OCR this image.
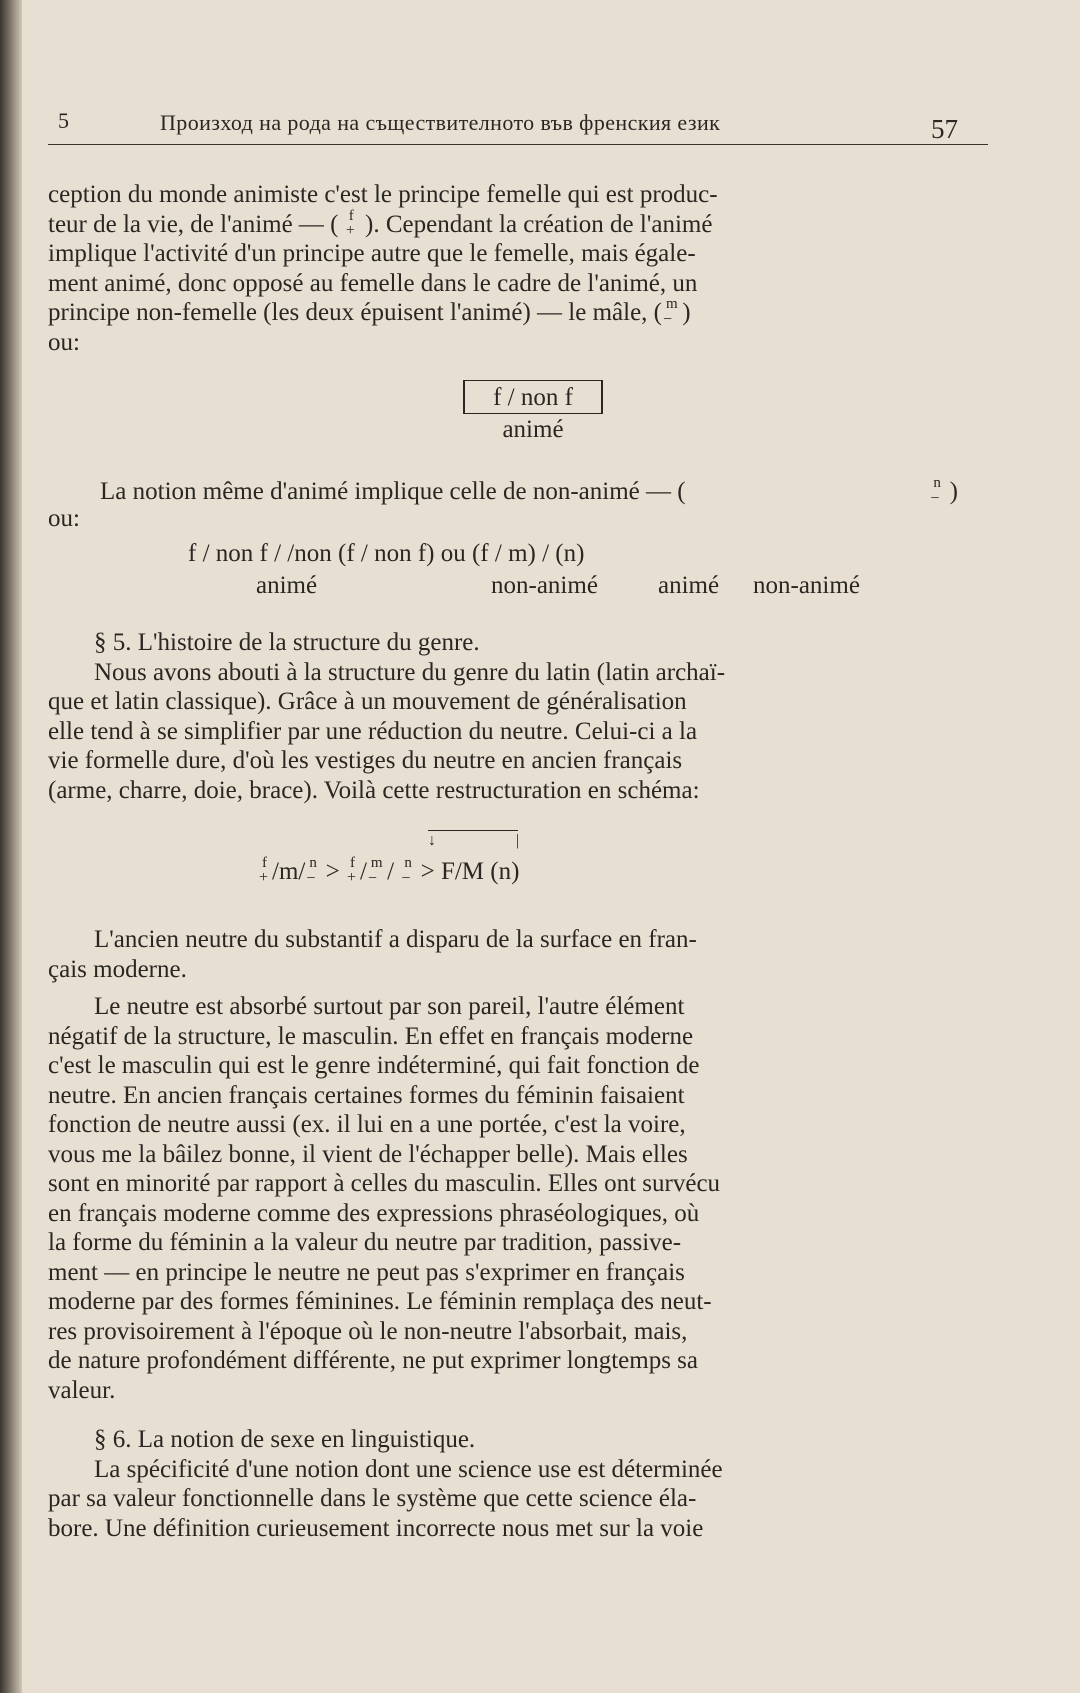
5	Произход на рода на съществителното във френския език	57

ception du monde animiste c'est le principe femelle qui est produc-

teur de la vie, de l'animé — ( f
+ ). Cependant la création de l'animé

implique l'activité d'un principe autre que le femelle, mais égale-

ment animé, donc opposé au femelle dans le cadre de l'animé, un

principe non-femelle (les deux épuisent l'animé) — le mâle, ( m
− )

ou:

f / non f
animé
La notion même d'animé implique celle de non-animé — (	n
− )
ou:
f / non f / /non (f / non f) ou (f / m) / (n)
animé	non-animé animé non-animé

§ 5. L'histoire de la structure du genre.

Nous avons abouti à la structure du genre du latin (latin archaï-

que et latin classique). Grâce à un mouvement de généralisation

elle tend à se simplifier par une réduction du neutre. Celui-ci a la

vie formelle dure, d'où les vestiges du neutre en ancien français

(arme, charre, doie, brace). Voilà cette restructuration en schéma:

↓	|
f
+ /m/ n
− > f
+ / m
− / n
− > F/M (n)

L'ancien neutre du substantif a disparu de la surface en fran-

çais moderne.

Le neutre est absorbé surtout par son pareil, l'autre élément

négatif de la structure, le masculin. En effet en français moderne

c'est le masculin qui est le genre indéterminé, qui fait fonction de

neutre. En ancien français certaines formes du féminin faisaient

fonction de neutre aussi (ex. il lui en a une portée, c'est la voire,

vous me la bâilez bonne, il vient de l'échapper belle). Mais elles

sont en minorité par rapport à celles du masculin. Elles ont survécu

en français moderne comme des expressions phraséologiques, où

la forme du féminin a la valeur du neutre par tradition, passive-

ment — en principe le neutre ne peut pas s'exprimer en français

moderne par des formes féminines. Le féminin remplaça des neut-

res provisoirement à l'époque où le non-neutre l'absorbait, mais,

de nature profondément différente, ne put exprimer longtemps sa

valeur.

§ 6. La notion de sexe en linguistique.

La spécificité d'une notion dont une science use est déterminée

par sa valeur fonctionnelle dans le système que cette science éla-

bore. Une définition curieusement incorrecte nous met sur la voie
